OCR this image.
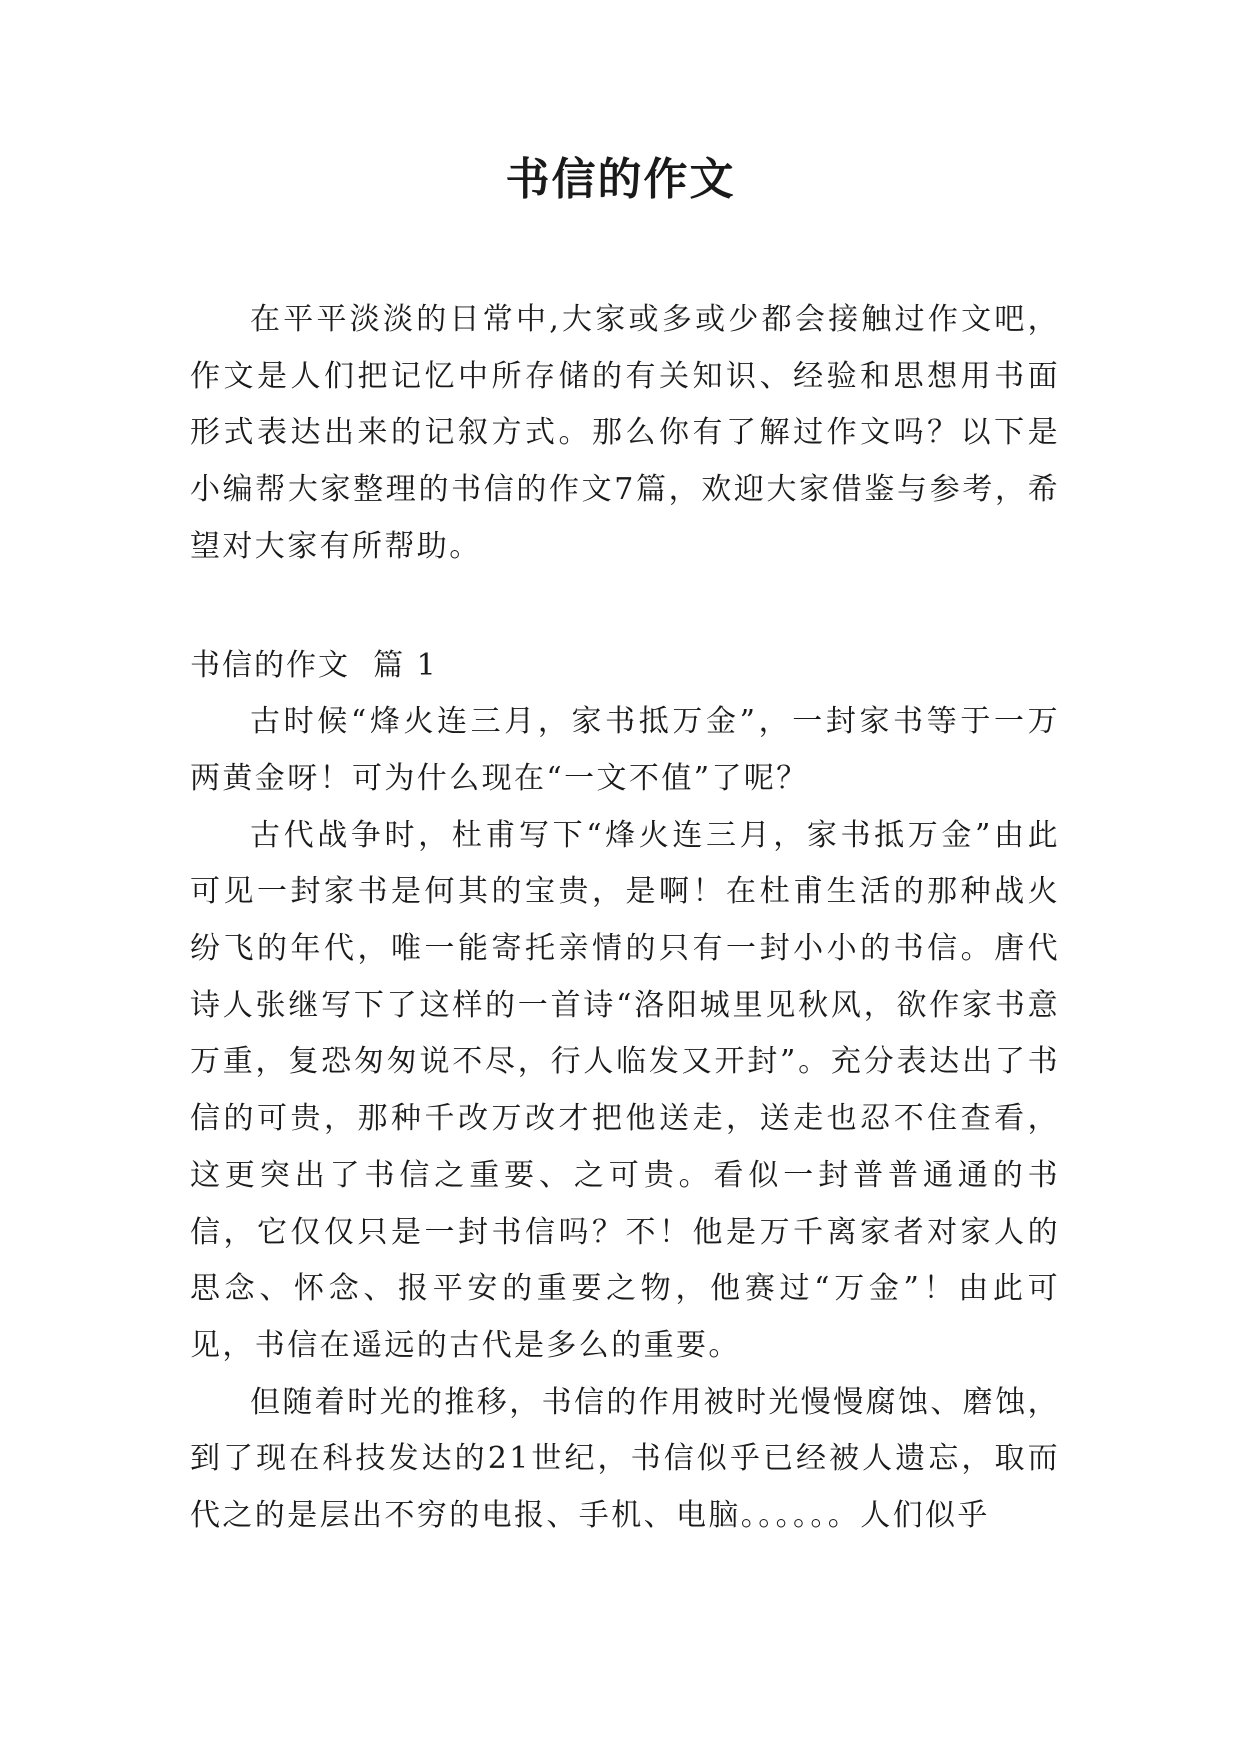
书信的作文

在平平淡淡的日常中,大家或多或少都会接触过作文吧，作文是人们把记忆中所存储的有关知识、经验和思想用书面形式表达出来的记叙方式。那么你有了解过作文吗？以下是小编帮大家整理的书信的作文7篇，欢迎大家借鉴与参考，希望对大家有所帮助。

书信的作文  篇 1

古时候“烽火连三月，家书抵万金”，一封家书等于一万两黄金呀！可为什么现在“一文不值”了呢？

古代战争时，杜甫写下“烽火连三月，家书抵万金”由此可见一封家书是何其的宝贵，是啊！在杜甫生活的那种战火纷飞的年代，唯一能寄托亲情的只有一封小小的书信。唐代诗人张继写下了这样的一首诗“洛阳城里见秋风，欲作家书意万重，复恐匆匆说不尽，行人临发又开封”。充分表达出了书信的可贵，那种千改万改才把他送走，送走也忍不住查看，这更突出了书信之重要、之可贵。看似一封普普通通的书信，它仅仅只是一封书信吗？不！他是万千离家者对家人的思念、怀念、报平安的重要之物，他赛过“万金”！由此可见，书信在遥远的古代是多么的重要。

但随着时光的推移，书信的作用被时光慢慢腐蚀、磨蚀，到了现在科技发达的21世纪，书信似乎已经被人遗忘，取而代之的是层出不穷的电报、手机、电脑。。。。。。人们似乎
